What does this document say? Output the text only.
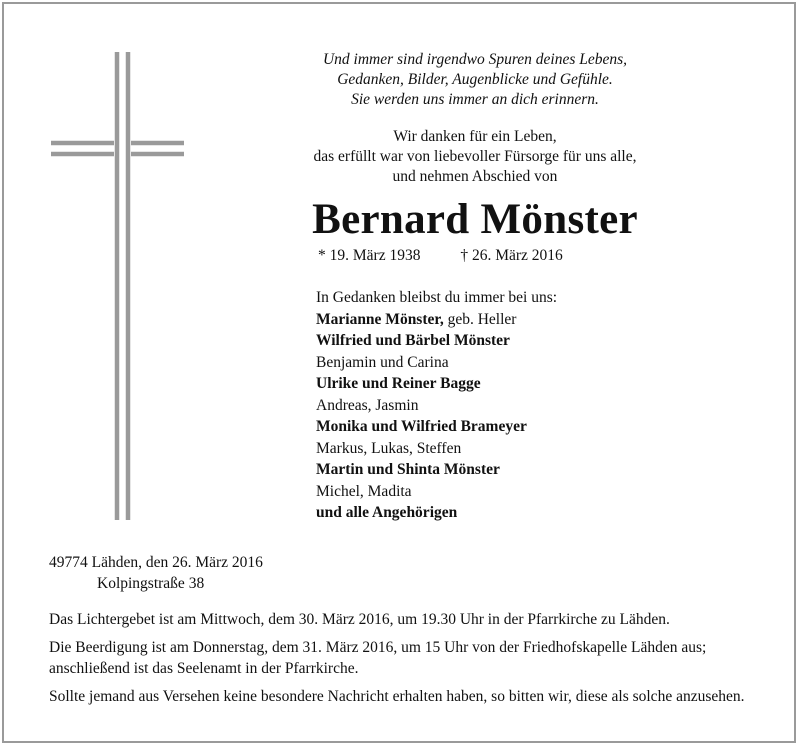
Und immer sind irgendwo Spuren deines Lebens,
Gedanken, Bilder, Augenblicke und Gefühle.
Sie werden uns immer an dich erinnern.
Wir danken für ein Leben,
das erfüllt war von liebevoller Fürsorge für uns alle,
und nehmen Abschied von
Bernard Mönster
* 19. März 1938	† 26. März 2016
In Gedanken bleibst du immer bei uns:
Marianne Mönster, geb. Heller
Wilfried und Bärbel Mönster
Benjamin und Carina
Ulrike und Reiner Bagge
Andreas, Jasmin
Monika und Wilfried Brameyer
Markus, Lukas, Steffen
Martin und Shinta Mönster
Michel, Madita
und alle Angehörigen
49774 Lähden, den 26. März 2016
Kolpingstraße 38

Das Lichtergebet ist am Mittwoch, dem 30. März 2016, um 19.30 Uhr in der Pfarrkirche zu Lähden.

Die Beerdigung ist am Donnerstag, dem 31. März 2016, um 15 Uhr von der Friedhofskapelle Lähden aus; anschließend ist das Seelenamt in der Pfarrkirche.

Sollte jemand aus Versehen keine besondere Nachricht erhalten haben, so bitten wir, diese als solche anzusehen.
